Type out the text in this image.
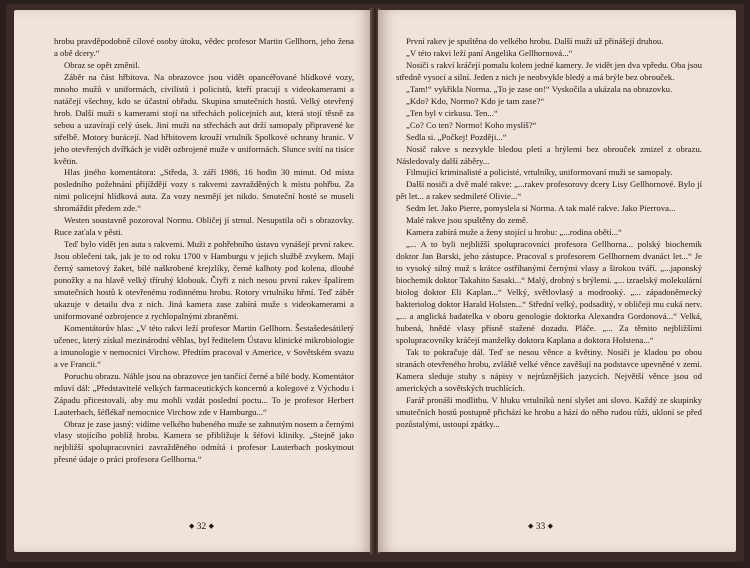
hrobu pravděpodobně cílové osoby útoku, vědec profesor Martin Gellhorn, jeho žena a obě dcery.“

Obraz se opět změnil.

Záběr na část hřbitova. Na obrazovce jsou vidět opancéřované hlídkové vozy, mnoho mužů v uniformách, civilistů i policistů, kteří pracují s videokamerami a natáčejí všechny, kdo se účastní obřadu. Skupina smutečních hostů. Velký otevřený hrob. Další muži s kamerami stojí na střechách policejních aut, která stojí těsně za sebou a uzavírají celý úsek. Jiní muži na střechách aut drží samopaly připravené ke střelbě. Motory burácejí. Nad hřbitovem krouží vrtulník Spolkové ochrany hranic. V jeho otevřených dvířkách je vidět ozbrojené muže v uniformách. Slunce svítí na tisíce květin.

Hlas jiného komentátora: „Středa, 3. září 1986, 16 hodin 30 minut. Od místa posledního požehnání přijíždějí vozy s rakvemi zavražděných k místu pohřbu. Za nimi policejní hlídková auta. Za vozy nesmějí jet nikdo. Smuteční hosté se museli shromáždit předem zde.“

Westen soustavně pozoroval Normu. Obličej jí strnul. Nesupstila oči s obrazovky. Ruce zaťala v pěsti.

Teď bylo vidět jen auta s rakvemi. Muži z pohřebního ústavu vynášejí první rakev. Jsou oblečeni tak, jak je to od roku 1700 v Hamburgu v jejich službě zvykem. Mají černý sametový žaket, bílé naškrobené krejzlíky, černé kalhoty pod kolena, dlouhé ponožky a na hlavě velký tříruhý klobouk. Čtyři z nich nesou první rakev špalírem smutečních hostů k otevřenému rodinnému hrobu. Rotory vrtulníku hřmí. Teď záběr ukazuje v detailu dva z nich. Jiná kamera zase zabírá muže s videokamerami a uniformované ozbrojence z rychlopalnými zbraněmi.

Komentátorův hlas: „V této rakvi leží profesor Martin Gellhorn. Šestašedesátiletý učenec, který získal mezinárodní věhlas, byl ředitelem Ústavu klinické mikrobiologie a imunologie v nemocnici Virchow. Předtím pracoval v Americe, v Sovětském svazu a ve Francii.“

Poruchu obrazu. Náhle jsou na obrazovce jen tančící černé a bílé body. Komentátor mluví dál: „Představitelé velkých farmaceutických koncernů a kolegové z Východu i Západu přicestovali, aby mu mohli vzdát poslední poctu... To je profesor Herbert Lauterbach, šéflékař nemocnice Virchow zde v Hamburgu...“

Obraz je zase jasný: vidíme velkého hubeného muže se zahnutým nosem a černými vlasy stojícího poblíž hrobu. Kamera se přibližuje k šéfovi kliniky. „Stejně jako nejbližší spolupracovníci zavražděného odmítá i profesor Lauterbach poskytnout přesné údaje o práci profesora Gellhorna.“

◆ 32 ◆

První rakev je spuštěna do velkého hrobu. Další muži už přinášejí druhou.

„V této rakvi leží paní Angelika Gellhornová...“

Nosiči s rakví kráčejí pomalu kolem jedné kamery. Je vidět jen dva vpředu. Oba jsou středně vysocí a silní. Jeden z nich je neobvykle bledý a má brýle bez obrouček.

„Tam!“ vykřikla Norma. „To je zase on!“ Vyskočila a ukázala na obrazovku.

„Kdo? Kdo, Normo? Kdo je tam zase?“

„Ten byl v cirkusu. Ten...“

„Co? Co ten? Normo! Koho myslíš?“

Sedla si. „Počkej! Později...“

Nosič rakve s nezvykle bledou pletí a brýlemi bez obrouček zmizel z obrazu. Následovaly další záběry...

Filmující kriminalisté a policisté, vrtulníky, uniformovaní muži se samopaly.

Další nosiči a dvě malé rakve: „...rakev profesorovy dcery Lisy Gellhornové. Bylo jí pět let... a rakev sedmileté Olivie...“

Sedm let. Jako Pierre, pomyslela si Norma. A tak malé rakve. Jako Pierrova...

Malé rakve jsou spuštěny do země.

Kamera zabírá muže a ženy stojící u hrobu: „...rodina obětí...“

„... A to byli nejbližší spolupracovníci profesora Gellhorna... polský biochemik doktor Jan Barski, jeho zástupce. Pracoval s profesorem Gellhornem dvanáct let...“ Je to vysoký silný muž s krátce ostříhanými černými vlasy a širokou tváří. „...japonský biochemik doktor Takahito Sasaki...“ Malý, drobný s brýlemi. „... izraelský molekulární biolog doktor Eli Kaplan...“ Velký, světlovlasý a modrooký. „... západoněmecký bakteriolog doktor Harald Holsten...“ Střední velký, podsaditý, v obličeji mu cuká nerv. „... a anglická badatelka v oboru genologie doktorka Alexandra Gordonová...“ Velká, hubená, hnědé vlasy přísně stažené dozadu. Pláče. „... Za těmito nejbližšími spolupracovníky kráčejí manželky doktora Kaplana a doktora Holstena...“

Tak to pokračuje dál. Teď se nesou věnce a květiny. Nosiči je kladou po obou stranách otevřeného hrobu, zvláště velké věnce zavěšují na podstavce upevněné v zemi. Kamera sleduje stuhy s nápisy v nejrůznějších jazycích. Největší věnce jsou od amerických a sovětských truchlících.

Farář pronáší modlitbu. V hluku vrtulníků není slyšet ani slovo. Každý ze skupinky smutečních hostů postupně přichází ke hrobu a hází do něho rudou růži, ukloní se před pozůstalými, ustoupí zpátky...

◆ 33 ◆
